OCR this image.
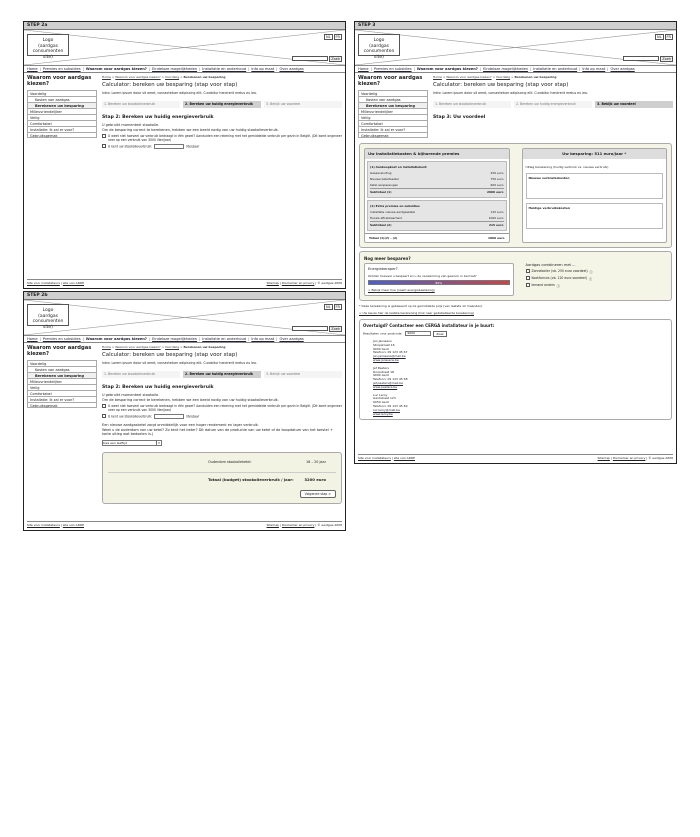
STEP 2a
Logo
(aardgas
consumenten site)
NL	FR
Zoek
Home | Premies en subsidies | Waarom voor aardgas kiezen? | Eindeloze mogelijkheden | Installatie en onderhoud | Info op maat | Over aardgas
Waarom voor aardgas kiezen?
Voordelig
Kosten van aardgas
Berekenen uw besparing
Milieuvriendelijker
Veilig
Comfortabel
Installatie: Ik zal er voor?
Gebruiksgemak
Home > Waarom voor aardgas kiezen? > Voordelig > Berekenen uw besparing
Calculator: bereken uw besparing (stap voor stap)
Intro: Lorem ipsum dolor sit amet, consectetuer adipiscing elit. Curabitur hendrerit metus eu leo.
1. Bereken uw stookolieverbruik	2. Bereken uw huidig energieverbruik	3. Bekijk uw voordeel
Stap 2: Bereken uw huidig energieverbruik
U gebruikt momenteel stookolie.
Om de besparing correct te berekenen, hebben we een beeld nodig van uw huidig stookolieverbruik.
U weet niet hoeveel uw verbruik bedraagt in één gezet? Aanduiden een rekening met het gemiddelde verbruik per gezin in België. (Dit komt ongeveer neer op een verbruik van 3000 liter/jaar)
U kent uw stookolieverbruik:	liter/jaar
Site voor installateurs | site van ADRE	Sitemap | Disclaimer en privacy | © aardgas 2009
STEP 2b
Logo
(aardgas
consumenten site)
NL	FR
Zoek
Home | Premies en subsidies | Waarom voor aardgas kiezen? | Eindeloze mogelijkheden | Installatie en onderhoud | Info op maat | Over aardgas
Waarom voor aardgas kiezen?
Voordelig
Kosten van aardgas
Berekenen uw besparing
Milieuvriendelijker
Veilig
Comfortabel
Installatie: Ik zal er voor?
Gebruiksgemak
Home > Waarom voor aardgas kiezen? > Voordelig > Berekenen uw besparing
Calculator: bereken uw besparing (stap voor stap)
Intro: Lorem ipsum dolor sit amet, consectetuer adipiscing elit. Curabitur hendrerit metus eu leo.
1. Bereken uw stookolieverbruik	2. Bereken uw huidig energieverbruik	3. Bekijk uw voordeel
Stap 2: Bereken uw huidig energieverbruik
U gebruikt momenteel stookolie.
Om de besparing correct te berekenen, hebben we een beeld nodig van uw huidig stookolieverbruik.
U weet niet hoeveel uw verbruik bedraagt in één gezet? Aanduiden een rekening met het gemiddelde verbruik per gezin in België. (Dit komt ongeveer neer op een verbruik van 3000 liter/jaar)
U kent uw stookolieverbruik:	liter/jaar
Een nieuwe aardgasketel zorgt onmiddellijk voor een hoger rendement en lager verbruik.
Weet u de ouderdom van uw ketel? Zo kent het beter? Dit datum van de productie van uw ketel of de koopdatum van het toestel + korte uitleg wat bedoelen is.)
Kies een leeftijd	▾
Ouderdom stookolieketel:	16 – 20 jaar
Totaal (budget) stookolieverbruik / jaar:	3200 euro
Volgende stap >
Site voor installateurs | site van ADRE	Sitemap | Disclaimer en privacy | © aardgas 2009
STEP 3
Logo
(aardgas
consumenten site)
NL	FR
Zoek
Home | Premies en subsidies | Waarom voor aardgas kiezen? | Eindeloze mogelijkheden | Installatie en onderhoud | Info op maat | Over aardgas
Waarom voor aardgas kiezen?
Voordelig
Kosten van aardgas
Berekenen uw besparing
Milieuvriendelijker
Veilig
Comfortabel
Installatie: Ik zal er voor?
Gebruiksgemak
Home > Waarom voor aardgas kiezen? > Voordelig > Berekenen uw besparing
Calculator: bereken uw besparing (stap voor stap)
Intro: Lorem ipsum dolor sit amet, consectetuer adipiscing elit. Curabitur hendrerit metus eu leo.
1. Bereken uw stookolieverbruik	2. Bereken uw huidig energieverbruik	3. Bekijk uw voordeel
Stap 3: Uw voordeel
Uw installatiekosten & bijhorende premies
(1) Aankoopkost en installatiekost:
Gasaansluiting	250 euro
Nieuwe keteltoestel	750 euro
Ketel aanpassingen	600 euro
Subtotaal (1)	2000 euro
(2) Extra premies en subsidies
Installatie nieuwe aardgasketel	125 euro
Fiscale aftrekbaarheid	1000 euro
Subtotaal (2)	215 euro
Totaal (1)(2) – (2)	1800 euro
Uw besparing: 511 euro/jaar *
Uitleg berekening (huidig verbruik vs. nieuwe verbruik)
Nieuwe verbruikskosten
Huidige verbruikskosten
Nog meer besparen?
Energieberaper?
Ontdek hoeveel u bespaart en u de verwarming van gewoon in bed zet?
80%
> Bekijk meer hoe (naam energiebeslissing)
Aardgas combineren met ...
Zonneboiler (vb. 250 euro voordeel) ⓘ
Kookfornuis (vb. 120 euro voordeel) ⓘ
Iemand anders ⓘ
* Deze berekening is gebaseerd op de gemiddelde prijs (van laatste 12 maanden).
> Uw keuze hier de laatste berekening (link naar gedetailleerde berekening)
Overtuigd? Contacteer een CERGA installateur in je buurt:
Resultaten voor postcode: 9000	Zoek
Jan Janssens
Stropstraat 16
9000 Gent
Telefoon: 09 123 45 67
jan.janssens@mail.be
www.janssens.be
Jef Peeters
Dorpstraat 18
9000 Gent
Telefoon: 09 123 45 68
jef.peeters@mail.be
www.peeters.be
Luc Leroy
Gentstraat 123
9050 Gent
Telefoon: 09 123 45 69
luc.leroy@mail.be
www.leroy.be
Site voor installateurs | site van ADRE	Sitemap | Disclaimer en privacy | © aardgas 2009
